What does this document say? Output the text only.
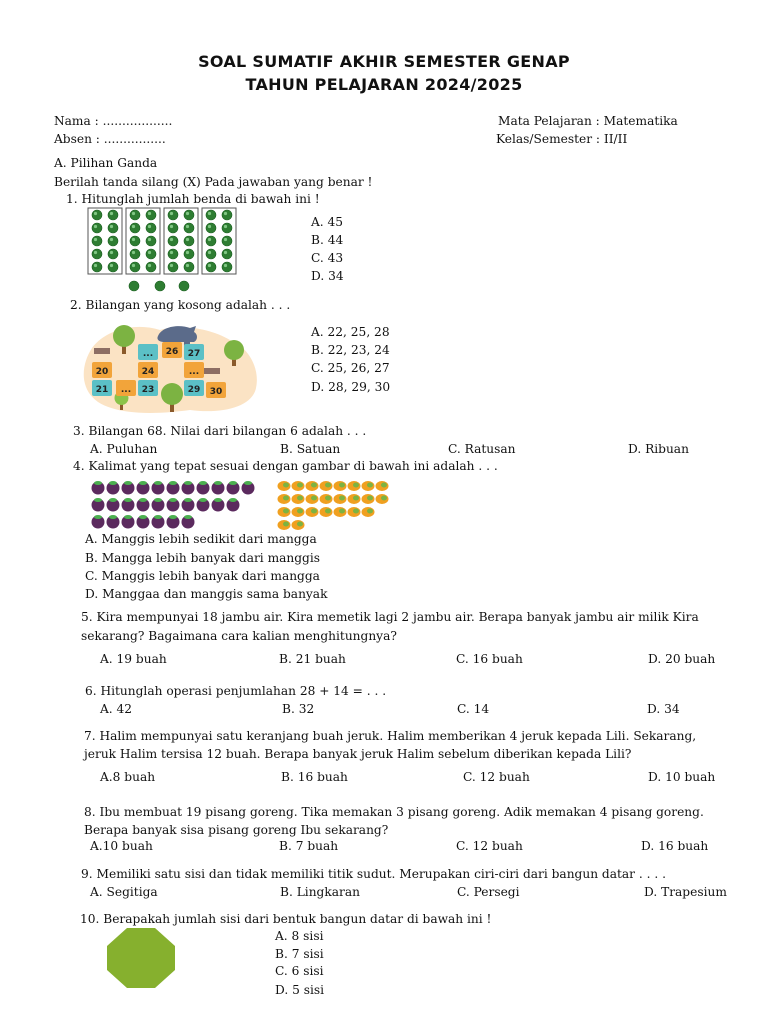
SOAL SUMATIF AKHIR SEMESTER GENAP
TAHUN PELAJARAN 2024/2025
Nama : ..................
Absen : ................
Mata Pelajaran : Matematika
Kelas/Semester : II/II
A. Pilihan Ganda
Berilah tanda silang (X) Pada jawaban yang benar !
1. Hitunglah jumlah benda di bawah ini !
A. 45
B. 44
C. 43
D. 34
2. Bilangan yang kosong adalah . . .
20
21 ... 23
24
... 26 27
...
29 30
A. 22, 25, 28
B. 22, 23, 24
C. 25, 26, 27
D. 28, 29, 30
3. Bilangan 68. Nilai dari bilangan 6 adalah . . .
A. Puluhan	B. Satuan	C. Ratusan	D. Ribuan
4. Kalimat yang tepat sesuai dengan gambar di bawah ini adalah . . .
A. Manggis lebih sedikit dari mangga
B. Mangga lebih banyak dari manggis
C. Manggis lebih banyak dari mangga
D. Manggaa dan manggis sama banyak
5. Kira mempunyai 18 jambu air. Kira memetik lagi 2 jambu air. Berapa banyak jambu air milik Kira
sekarang? Bagaimana cara kalian menghitungnya?
A. 19 buah	B. 21 buah	C. 16 buah	D. 20 buah
6. Hitunglah operasi penjumlahan 28 + 14 = . . .
A. 42	B. 32	C. 14	D. 34
7. Halim mempunyai satu keranjang buah jeruk. Halim memberikan 4 jeruk kepada Lili. Sekarang,
jeruk Halim tersisa 12 buah. Berapa banyak jeruk Halim sebelum diberikan kepada Lili?
A.8 buah	B. 16 buah	C. 12 buah	D. 10 buah
8. Ibu membuat 19 pisang goreng. Tika memakan 3 pisang goreng. Adik memakan 4 pisang goreng.
Berapa banyak sisa pisang goreng Ibu sekarang?
A.10 buah	B. 7 buah	C. 12 buah	D. 16 buah
9. Memiliki satu sisi dan tidak memiliki titik sudut. Merupakan ciri-ciri dari bangun datar . . . .
A. Segitiga	B. Lingkaran	C. Persegi	D. Trapesium
10. Berapakah jumlah sisi dari bentuk bangun datar di bawah ini !
A. 8 sisi
B. 7 sisi
C. 6 sisi
D. 5 sisi
